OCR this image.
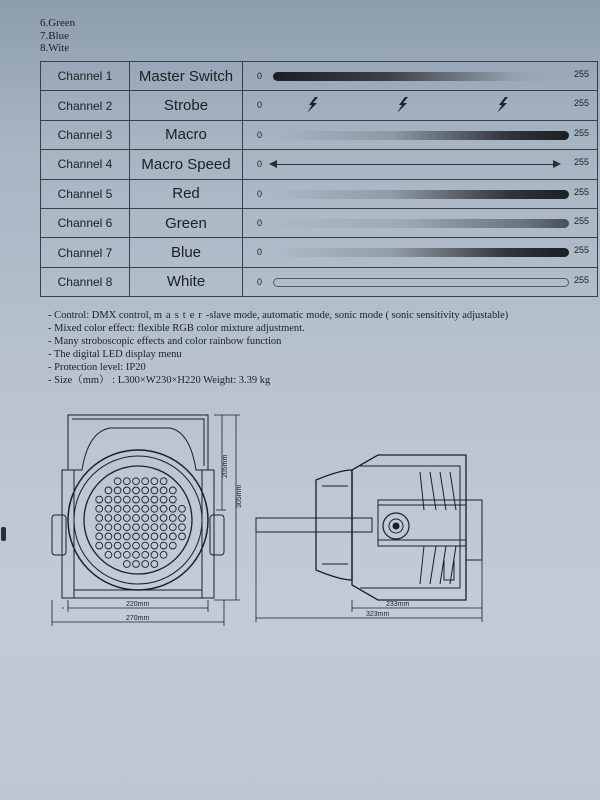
6.Green
7.Blue
8.Wite
Channel 1	Master Switch	0 255

Channel 2	Strobe	0 255

Channel 3	Macro	0 255

Channel 4	Macro Speed	0 255

Channel 5	Red	0 255

Channel 6	Green	0 255

Channel 7	Blue	0 255

Channel 8	White	0 255
- Control: DMX control, master-slave mode, automatic mode, sonic mode ( sonic sensitivity adjustable)
- Mixed color effect: flexible RGB color mixture adjustment.
- Many stroboscopic effects and color rainbow function
- The digital LED display menu
- Protection level: IP20
- Size（mm） : L300×W230×H220 Weight: 3.39 kg
220mm
270mm
205mm
305mm
233mm
323mm
